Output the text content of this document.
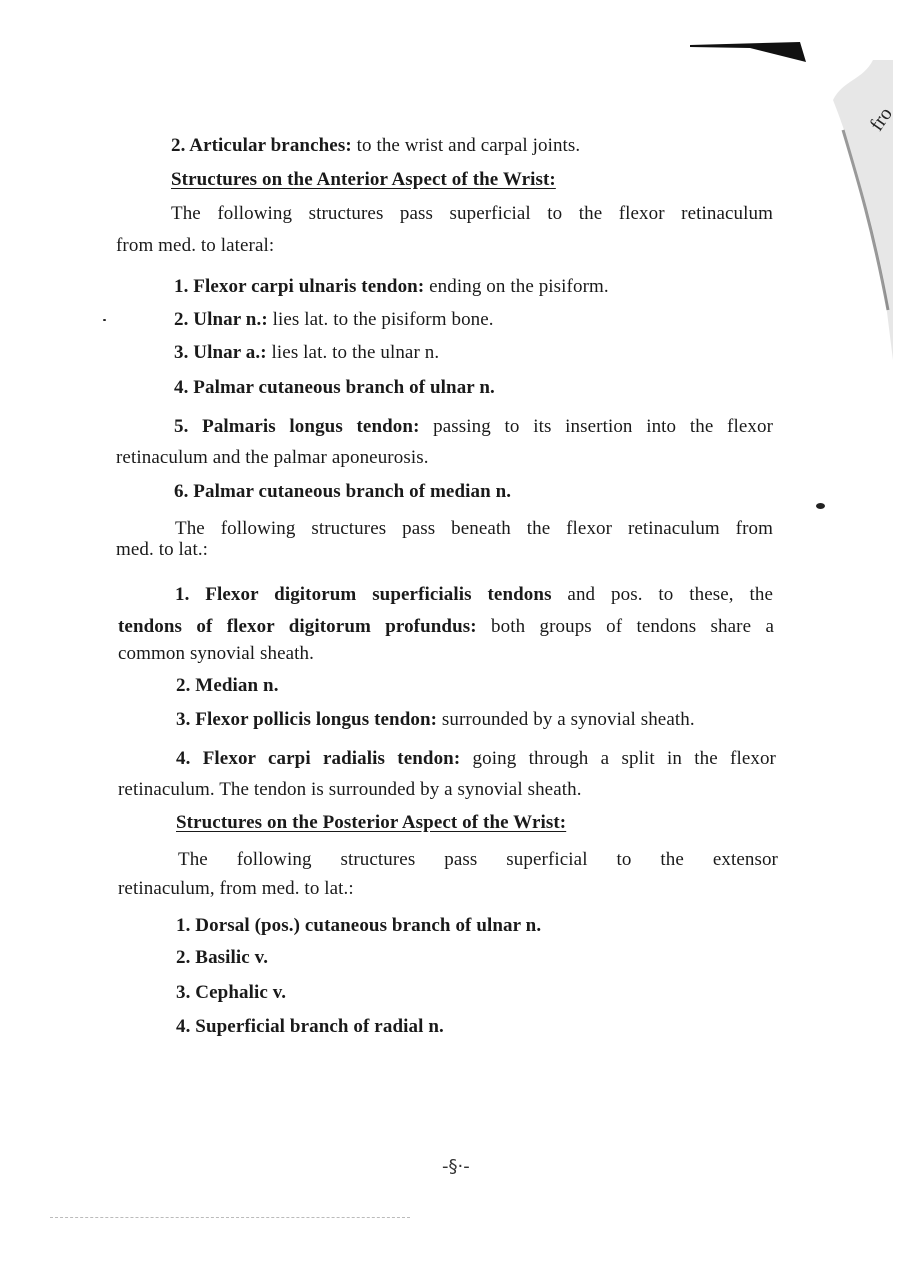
fro
2. Articular branches: to the wrist and carpal joints.
Structures on the Anterior Aspect of the Wrist:
The following structures pass superficial to the flexor retinaculum
from med. to lateral:
1. Flexor carpi ulnaris tendon: ending on the pisiform.
2. Ulnar n.: lies lat. to the pisiform bone.
3. Ulnar a.: lies lat. to the ulnar n.
4. Palmar cutaneous branch of ulnar n.
5. Palmaris longus tendon: passing to its insertion into the flexor
retinaculum and the palmar aponeurosis.
6. Palmar cutaneous branch of median n.
The following structures pass beneath the flexor retinaculum from
med. to lat.:
1. Flexor digitorum superficialis tendons and pos. to these, the
tendons of flexor digitorum profundus: both groups of tendons share a
common synovial sheath.
2. Median n.
3. Flexor pollicis longus tendon: surrounded by a synovial sheath.
4. Flexor carpi radialis tendon: going through a split in the flexor
retinaculum. The tendon is surrounded by a synovial sheath.
Structures on the Posterior Aspect of the Wrist:
The following structures pass superficial to the extensor
retinaculum, from med. to lat.:
1. Dorsal (pos.) cutaneous branch of ulnar n.
2. Basilic v.
3. Cephalic v.
4. Superficial branch of radial n.
-§·-
